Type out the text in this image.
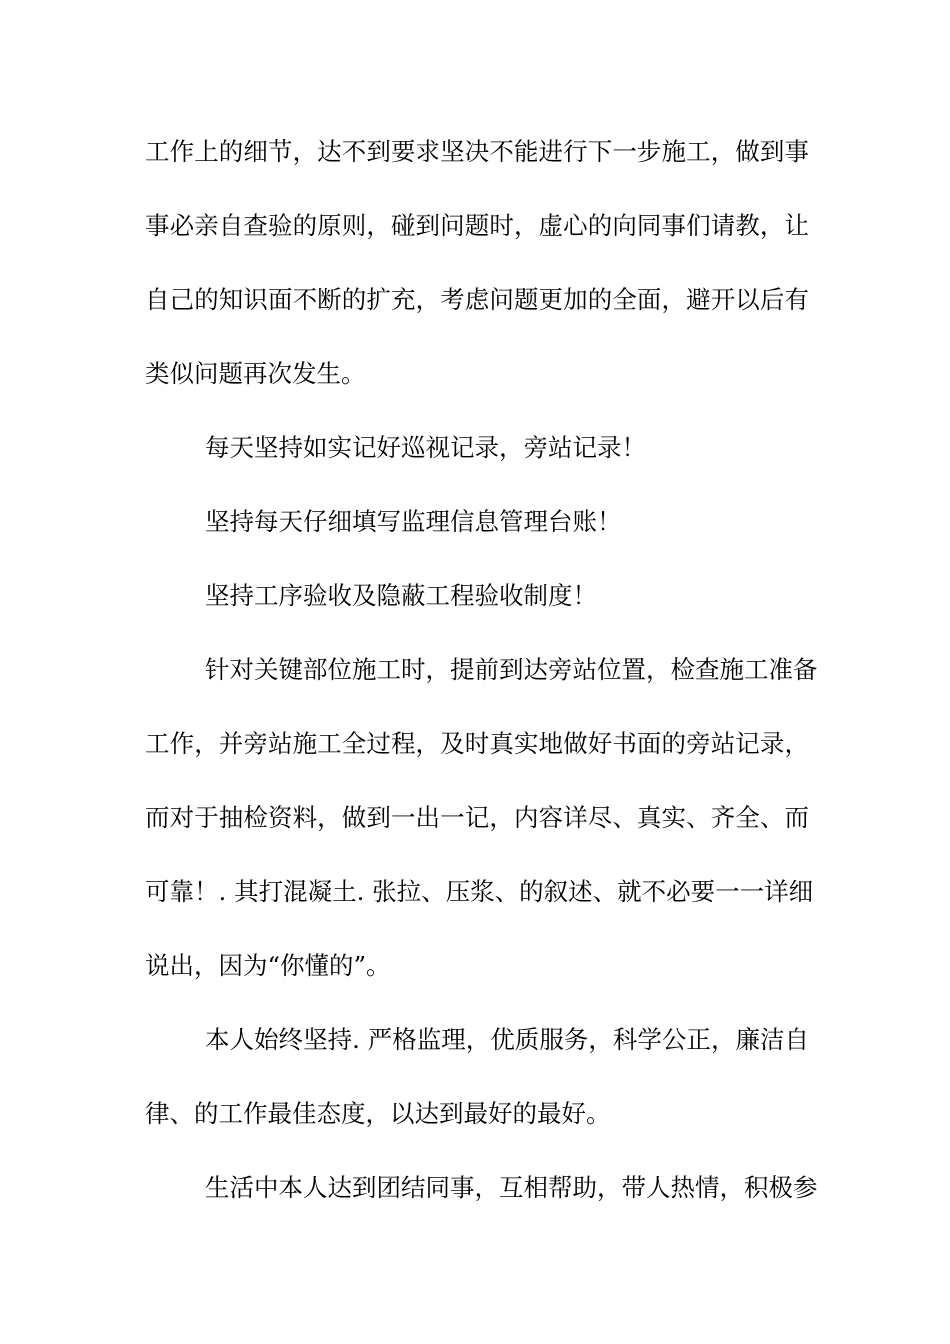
工作上的细节，达不到要求坚决不能进行下一步施工，做到事
事必亲自查验的原则，碰到问题时，虚心的向同事们请教，让
自己的知识面不断的扩充，考虑问题更加的全面，避开以后有
类似问题再次发生。
每天坚持如实记好巡视记录，旁站记录！
坚持每天仔细填写监理信息管理台账！
坚持工序验收及隐蔽工程验收制度！
针对关键部位施工时，提前到达旁站位置，检查施工准备
工作，并旁站施工全过程，及时真实地做好书面的旁站记录，
而对于抽检资料，做到一出一记，内容详尽、真实、齐全、而
可靠！. 其打混凝土. 张拉、压浆、的叙述、就不必要一一详细
说出，因为“你懂的”。
本人始终坚持. 严格监理，优质服务，科学公正，廉洁自
律、的工作最佳态度，以达到最好的最好。
生活中本人达到团结同事，互相帮助，带人热情，积极参
